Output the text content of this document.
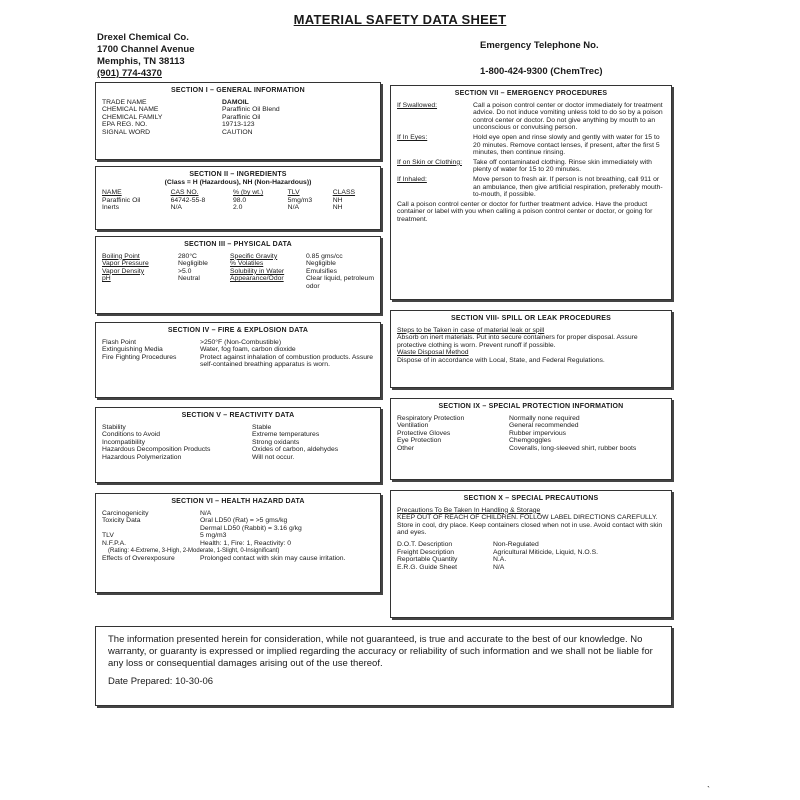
MATERIAL SAFETY DATA SHEET
Drexel Chemical Co.
1700 Channel Avenue
Memphis, TN 38113
(901) 774-4370
Emergency Telephone No.
1-800-424-9300 (ChemTrec)
SECTION I – GENERAL INFORMATION
TRADE NAME	DAMOIL
CHEMICAL NAME	Paraffinic Oil Blend
CHEMICAL FAMILY	Paraffinic Oil
EPA REG. NO.	19713-123
SIGNAL WORD	CAUTION
SECTION II – INGREDIENTS
(Class = H (Hazardous), NH (Non-Hazardous))
NAME	CAS NO.	% (by wt.)	TLV	CLASS
Paraffinic Oil	64742-55-8	98.0	5mg/m3	NH
Inerts	N/A	2.0	N/A	NH
SECTION III – PHYSICAL DATA
Boiling Point	280°C	Specific Gravity	0.85 gms/cc
Vapor Pressure	Negligible	% Volatiles	Negligible
Vapor Density	>5.0	Solubility in Water	Emulsifies
pH	Neutral	Appearance/Odor	Clear liquid, petroleum odor
SECTION IV – FIRE & EXPLOSION DATA
Flash Point	>250°F (Non-Combustible)
Extinguishing Media	Water, fog foam, carbon dioxide
Fire Fighting Procedures	Protect against inhalation of combustion products. Assure self-contained breathing apparatus is worn.
SECTION V – REACTIVITY DATA
Stability	Stable
Conditions to Avoid	Extreme temperatures
Incompatibility	Strong oxidants
Hazardous Decomposition Products	Oxides of carbon, aldehydes
Hazardous Polymerization	Will not occur.
SECTION VI – HEALTH HAZARD DATA
Carcinogenicity	N/A
Toxicity Data	Oral LD50 (Rat) = >5 gms/kg
Dermal LD50 (Rabbit) = 3.16 g/kg
TLV	5 mg/m3
N.F.P.A.	Health: 1, Fire: 1, Reactivity: 0
(Rating: 4-Extreme, 3-High, 2-Moderate, 1-Slight, 0-Insignificant)
Effects of Overexposure	Prolonged contact with skin may cause irritation.
SECTION VII – EMERGENCY PROCEDURES
If Swallowed:	Call a poison control center or doctor immediately for treatment advice. Do not induce vomiting unless told to do so by a poison control center or doctor. Do not give anything by mouth to an unconscious or convulsing person.
If In Eyes:	Hold eye open and rinse slowly and gently with water for 15 to 20 minutes. Remove contact lenses, if present, after the first 5 minutes, then continue rinsing.
If on Skin or Clothing:	Take off contaminated clothing. Rinse skin immediately with plenty of water for 15 to 20 minutes.
If Inhaled:	Move person to fresh air. If person is not breathing, call 911 or an ambulance, then give artificial respiration, preferably mouth-to-mouth, if possible.
Call a poison control center or doctor for further treatment advice. Have the product container or label with you when calling a poison control center or doctor, or going for treatment.
SECTION VIII- SPILL OR LEAK PROCEDURES
Steps to be Taken in case of material leak or spill
Absorb on inert materials. Put into secure containers for proper disposal. Assure protective clothing is worn. Prevent runoff if possible.
Waste Disposal Method
Dispose of in accordance with Local, State, and Federal Regulations.
SECTION IX – SPECIAL PROTECTION INFORMATION
Respiratory Protection	Normally none required
Ventilation	General recommended
Protective Gloves	Rubber impervious
Eye Protection	Chemgoggles
Other	Coveralls, long-sleeved shirt, rubber boots
SECTION X – SPECIAL PRECAUTIONS
Precautions To Be Taken In Handling & Storage
KEEP OUT OF REACH OF CHILDREN. FOLLOW LABEL DIRECTIONS CAREFULLY.
Store in cool, dry place. Keep containers closed when not in use. Avoid contact with skin and eyes.
D.O.T. Description	Non-Regulated
Freight Description	Agricultural Miticide, Liquid, N.O.S.
Reportable Quantity	N.A.
E.R.G. Guide Sheet	N/A
The information presented herein for consideration, while not guaranteed, is true and accurate to the best of our knowledge. No warranty, or guaranty is expressed or implied regarding the accuracy or reliability of such information and we shall not be liable for any loss or consequential damages arising out of the use thereof.
Date Prepared: 10-30-06
`
